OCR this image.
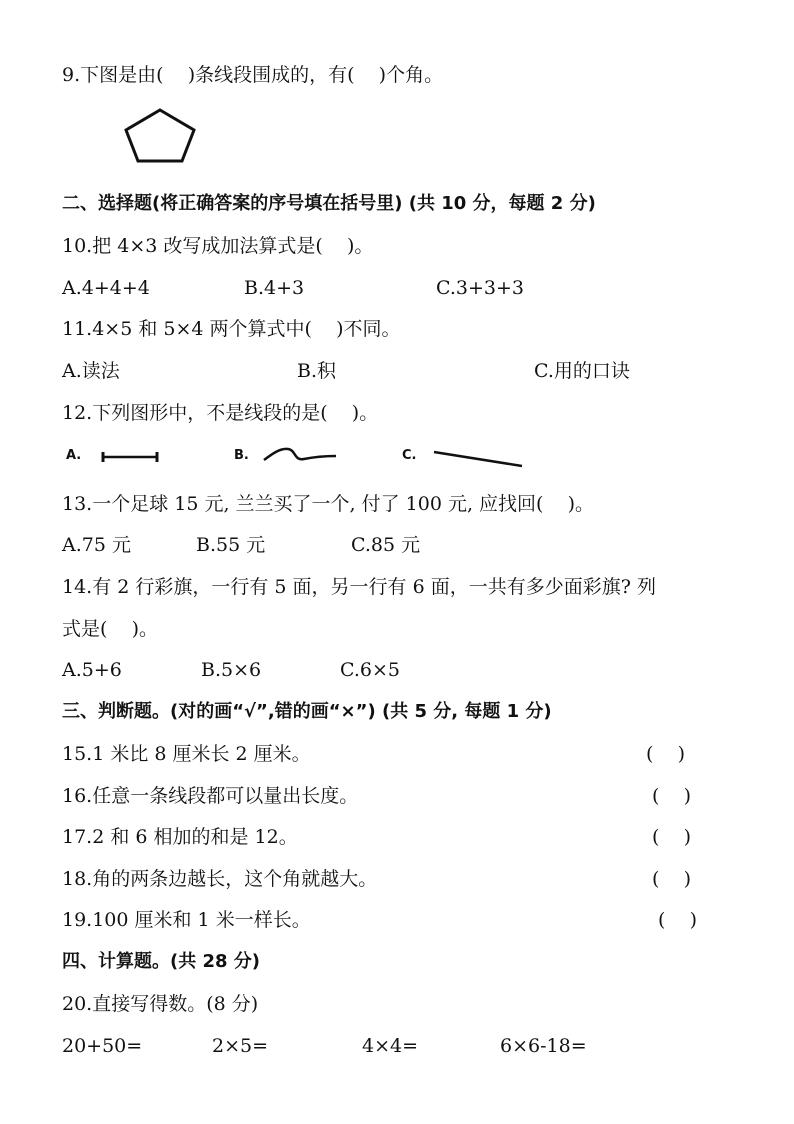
9.下图是由(    )条线段围成的，有(    )个角。
二、选择题(将正确答案的序号填在括号里) (共 10 分，每题 2 分)
10.把 4×3 改写成加法算式是(    )。
A.4+4+4	B.4+3	C.3+3+3
11.4×5 和 5×4 两个算式中(    )不同。
A.读法	B.积	C.用的口诀
12.下列图形中，不是线段的是(    )。
A.	B.	C.
13.一个足球 15 元, 兰兰买了一个, 付了 100 元, 应找回(    )。
A.75 元	B.55 元	C.85 元
14.有 2 行彩旗，一行有 5 面，另一行有 6 面，一共有多少面彩旗? 列
式是(    )。
A.5+6	B.5×6	C.6×5
三、判断题。(对的画“√”,错的画“×”) (共 5 分, 每题 1 分)
15.1 米比 8 厘米长 2 厘米。	(    )
16.任意一条线段都可以量出长度。	(    )
17.2 和 6 相加的和是 12。	(    )
18.角的两条边越长，这个角就越大。	(    )
19.100 厘米和 1 米一样长。	(    )
四、计算题。(共 28 分)
20.直接写得数。(8 分)
20+50=	2×5=	4×4=	6×6-18=
